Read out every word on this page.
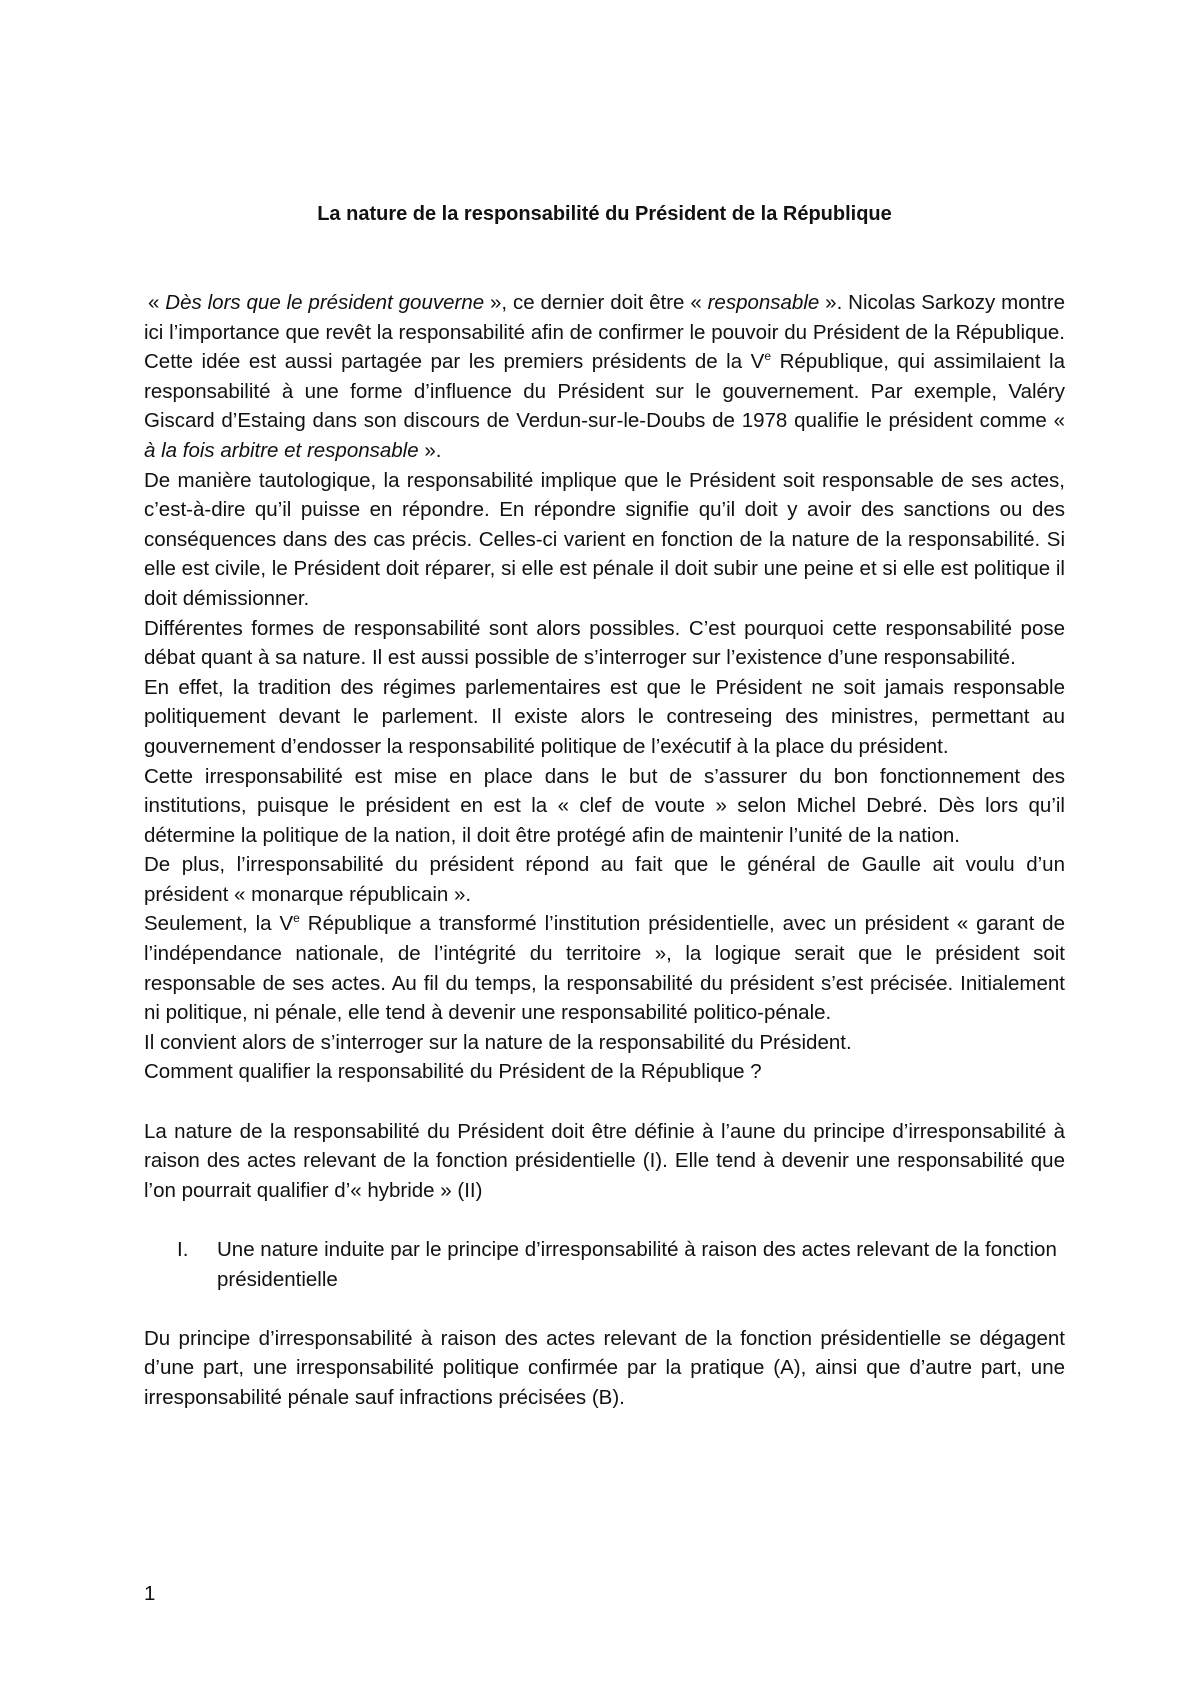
La nature de la responsabilité du Président de la République

« Dès lors que le président gouverne », ce dernier doit être « responsable ». Nicolas Sarkozy montre ici l’importance que revêt la responsabilité afin de confirmer le pouvoir du Président de la République. Cette idée est aussi partagée par les premiers présidents de la Ve République, qui assimilaient la responsabilité à une forme d’influence du Président sur le gouvernement. Par exemple, Valéry Giscard d’Estaing dans son discours de Verdun-sur-le-Doubs de 1978 qualifie le président comme « à la fois arbitre et responsable ».

De manière tautologique, la responsabilité implique que le Président soit responsable de ses actes, c’est-à-dire qu’il puisse en répondre. En répondre signifie qu’il doit y avoir des sanctions ou des conséquences dans des cas précis. Celles-ci varient en fonction de la nature de la responsabilité. Si elle est civile, le Président doit réparer, si elle est pénale il doit subir une peine et si elle est politique il doit démissionner.

Différentes formes de responsabilité sont alors possibles. C’est pourquoi cette responsabilité pose débat quant à sa nature. Il est aussi possible de s’interroger sur l’existence d’une responsabilité.

En effet, la tradition des régimes parlementaires est que le Président ne soit jamais responsable politiquement devant le parlement. Il existe alors le contreseing des ministres, permettant au gouvernement d’endosser la responsabilité politique de l’exécutif à la place du président.

Cette irresponsabilité est mise en place dans le but de s’assurer du bon fonctionnement des institutions, puisque le président en est la « clef de voute » selon Michel Debré. Dès lors qu’il détermine la politique de la nation, il doit être protégé afin de maintenir l’unité de la nation.

De plus, l’irresponsabilité du président répond au fait que le général de Gaulle ait voulu d’un président « monarque républicain ».

Seulement, la Ve République a transformé l’institution présidentielle, avec un président « garant de l’indépendance nationale, de l’intégrité du territoire », la logique serait que le président soit responsable de ses actes. Au fil du temps, la responsabilité du président s’est précisée. Initialement ni politique, ni pénale, elle tend à devenir une responsabilité politico-pénale.

Il convient alors de s’interroger sur la nature de la responsabilité du Président.

Comment qualifier la responsabilité du Président de la République ?

La nature de la responsabilité du Président doit être définie à l’aune du principe d’irresponsabilité à raison des actes relevant de la fonction présidentielle (I). Elle tend à devenir une responsabilité que l’on pourrait qualifier d’« hybride » (II)

I.	Une nature induite par le principe d’irresponsabilité à raison des actes relevant de la fonction présidentielle

Du principe d’irresponsabilité à raison des actes relevant de la fonction présidentielle se dégagent d’une part, une irresponsabilité politique confirmée par la pratique (A), ainsi que d’autre part, une irresponsabilité pénale sauf infractions précisées (B).

1
